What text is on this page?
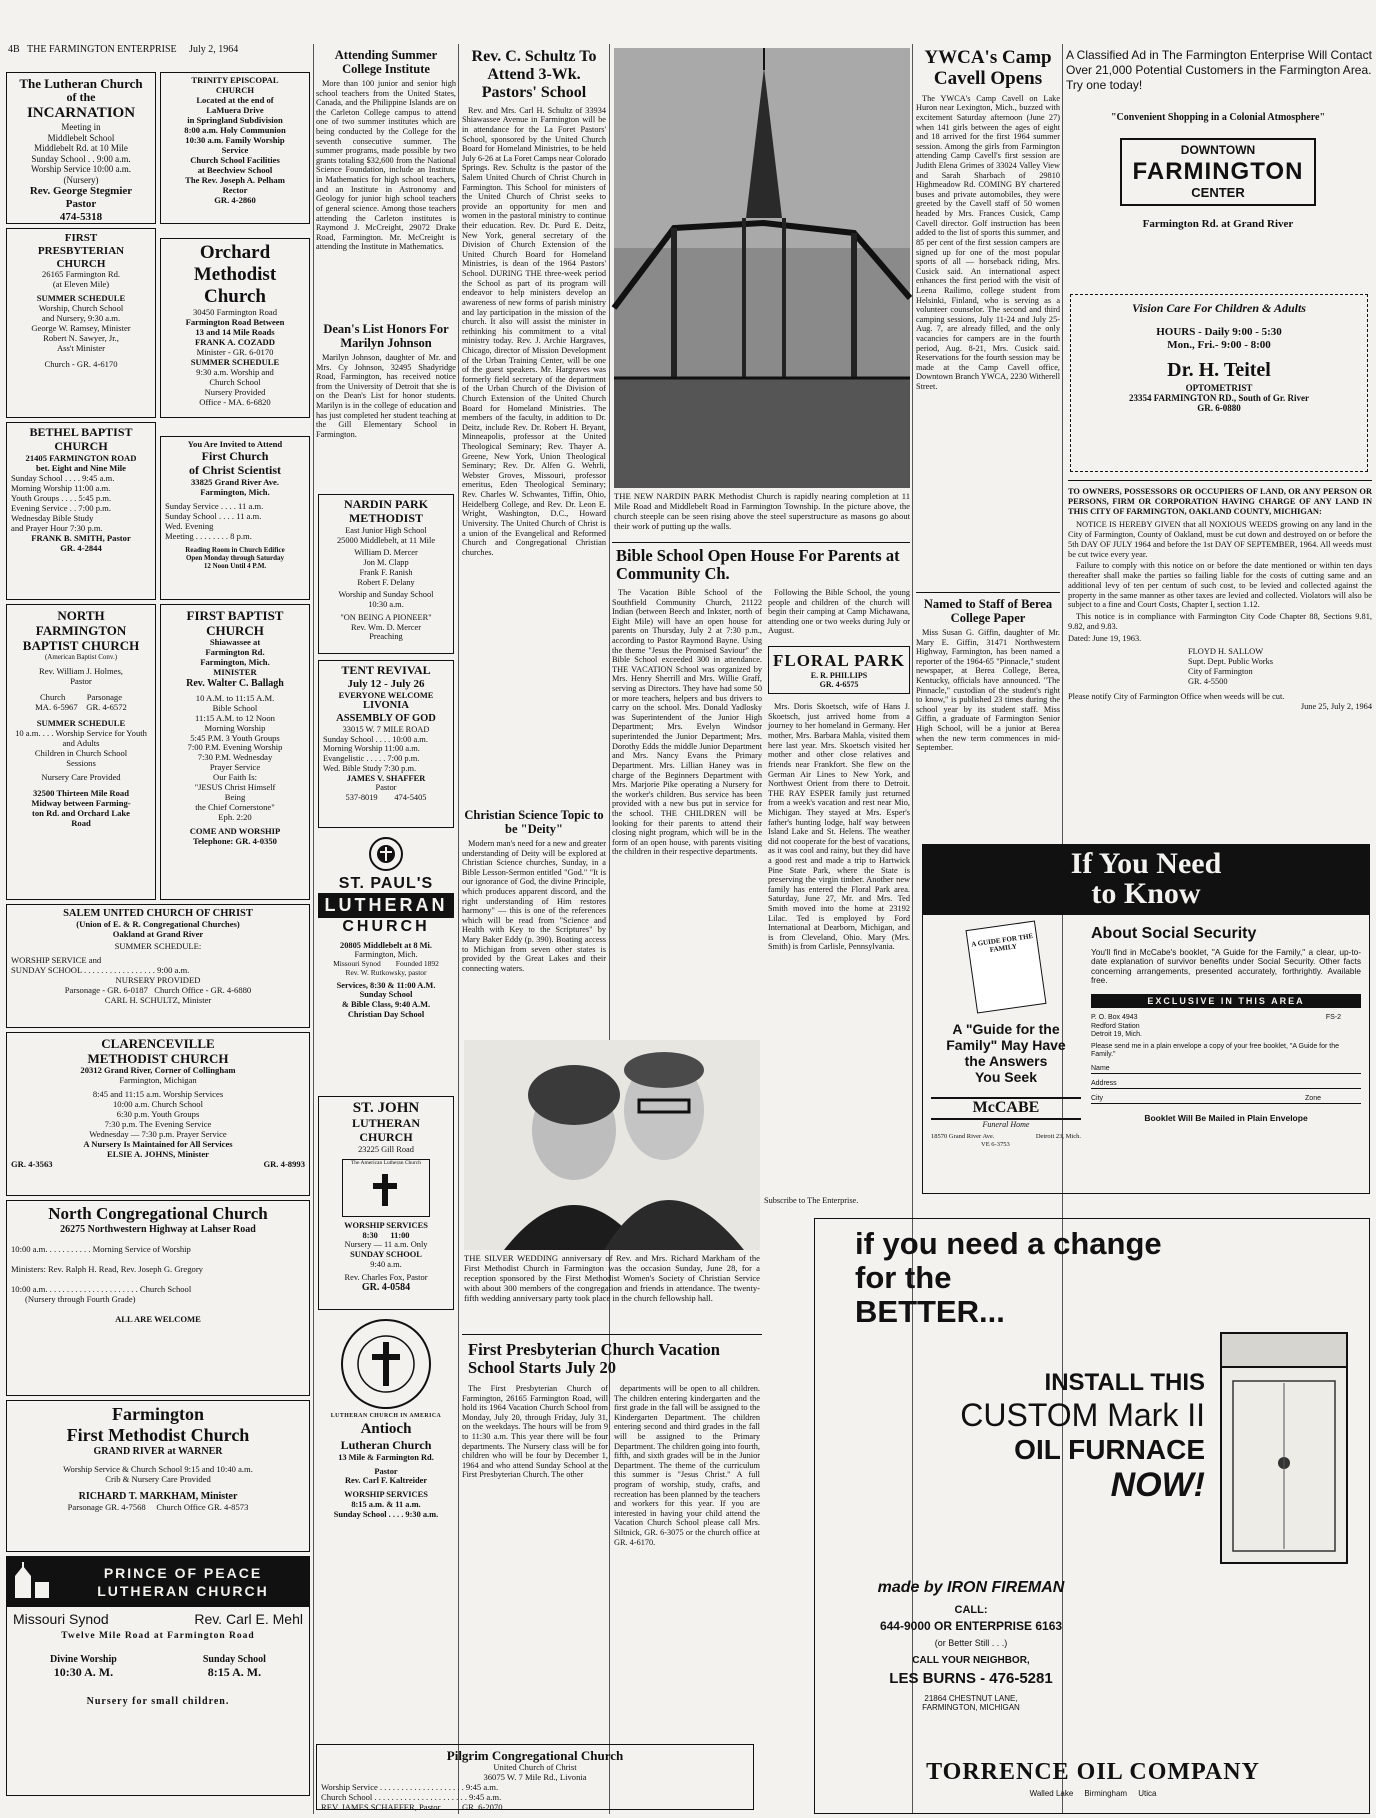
4B THE FARMINGTON ENTERPRISE July 2, 1964
The Lutheran Church
of the
INCARNATION
Meeting in
Middlebelt School
Middlebelt Rd. at 10 Mile
Sunday School . . 9:00 a.m.
Worship Service 10:00 a.m.
(Nursery)
Rev. George Stegmier
Pastor
474-5318
TRINITY EPISCOPAL
CHURCH
Located at the end of
LaMuera Drive
in Springland Subdivision
8:00 a.m. Holy Communion
10:30 a.m. Family Worship
Service
Church School Facilities
at Beechview School
The Rev. Joseph A. Pelham
Rector
GR. 4-2860
FIRST
PRESBYTERIAN
CHURCH
26165 Farmington Rd.
(at Eleven Mile)
SUMMER SCHEDULE
Worship, Church School
and Nursery, 9:30 a.m.
George W. Ramsey, Minister
Robert N. Sawyer, Jr.,
Ass't Minister
Church - GR. 4-6170
Orchard
Methodist
Church
30450 Farmington Road
Farmington Road Between
13 and 14 Mile Roads
FRANK A. COZADD
Minister - GR. 6-0170
SUMMER SCHEDULE
9:30 a.m. Worship and
Church School
Nursery Provided
Office - MA. 6-6820
BETHEL BAPTIST
CHURCH
21405 FARMINGTON ROAD
bet. Eight and Nine Mile
Sunday School . . . . 9:45 a.m.
Morning Worship 11:00 a.m.
Youth Groups . . . . 5:45 p.m.
Evening Service . . 7:00 p.m.
Wednesday Bible Study
and Prayer Hour 7:30 p.m.
FRANK B. SMITH, Pastor
GR. 4-2844
You Are Invited to Attend
First Church
of Christ Scientist
33825 Grand River Ave.
Farmington, Mich.
Sunday Service . . . . 11 a.m.
Sunday School . . . . 11 a.m.
Wed. Evening
Meeting . . . . . . . . 8 p.m.
Reading Room in Church Edifice
Open Monday through Saturday
12 Noon Until 4 P.M.
NORTH
FARMINGTON
BAPTIST CHURCH
(American Baptist Conv.)
Rev. William J. Holmes,
Pastor
Church          Parsonage
MA. 6-5967    GR. 4-6572
SUMMER SCHEDULE
10 a.m. . . . Worship Service for Youth and Adults
Children in Church School
Sessions
Nursery Care Provided
32500 Thirteen Mile Road
Midway between Farming-
ton Rd. and Orchard Lake
Road
FIRST BAPTIST
CHURCH
Shiawassee at
Farmington Rd.
Farmington, Mich.
MINISTER
Rev. Walter C. Ballagh
10 A.M. to 11:15 A.M.
Bible School
11:15 A.M. to 12 Noon
Morning Worship
5:45 P.M. 3 Youth Groups
7:00 P.M. Evening Worship
7:30 P.M. Wednesday
Prayer Service
Our Faith Is:
"JESUS Christ Himself
Being
the Chief Cornerstone"
Eph. 2:20
COME AND WORSHIP
Telephone: GR. 4-0350
SALEM UNITED CHURCH OF CHRIST
(Union of E. & R. Congregational Churches)
Oakland at Grand River
SUMMER SCHEDULE:
WORSHIP SERVICE and
SUNDAY SCHOOL . . . . . . . . . . . . . . . . . 9:00 a.m.
NURSERY PROVIDED
Parsonage - GR. 6-0187   Church Office - GR. 4-6880
CARL H. SCHULTZ, Minister
CLARENCEVILLE
METHODIST CHURCH
20312 Grand River, Corner of Collingham
Farmington, Michigan
8:45 and 11:15 a.m. Worship Services
10:00 a.m. Church School
6:30 p.m. Youth Groups
7:30 p.m. The Evening Service
Wednesday — 7:30 p.m. Prayer Service
A Nursery Is Maintained for All Services
ELSIE A. JOHNS, Minister
GR. 4-3563	GR. 4-8993
North Congregational Church
26275 Northwestern Highway at Lahser Road
10:00 a.m. . . . . . . . . . . Morning Service of Worship
Ministers: Rev. Ralph H. Read, Rev. Joseph G. Gregory
10:00 a.m. . . . . . . . . . . . . . . . . . . . . . Church School
(Nursery through Fourth Grade)
ALL ARE WELCOME
Farmington
First Methodist Church
GRAND RIVER at WARNER
Worship Service & Church School 9:15 and 10:40 a.m.
Crib & Nursery Care Provided
RICHARD T. MARKHAM, Minister
Parsonage GR. 4-7568     Church Office GR. 4-8573
PRINCE OF PEACE
LUTHERAN CHURCH
Missouri Synod	Rev. Carl E. Mehl
Twelve Mile Road at Farmington Road
Divine Worship
10:30 A. M.
Sunday School
8:15 A. M.
Nursery for small children.
Attending Summer College Institute
More than 100 junior and senior high school teachers from the United States, Canada, and the Philippine Islands are on the Carleton College campus to attend one of two summer institutes which are being conducted by the College for the seventh consecutive summer. The summer programs, made possible by two grants totaling $32,600 from the National Science Foundation, include an Institute in Mathematics for high school teachers, and an Institute in Astronomy and Geology for junior high school teachers of general science. Among those teachers attending the Carleton institutes is Raymond J. McCreight, 29072 Drake Road, Farmington. Mr. McCreight is attending the Institute in Mathematics.
Dean's List Honors For Marilyn Johnson
Marilyn Johnson, daughter of Mr. and Mrs. Cy Johnson, 32495 Shadyridge Road, Farmington, has received notice from the University of Detroit that she is on the Dean's List for honor students. Marilyn is in the college of education and has just completed her student teaching at the Gill Elementary School in Farmington.
NARDIN PARK
METHODIST
East Junior High School
25000 Middlebelt, at 11 Mile
William D. Mercer
Jon M. Clapp
Frank F. Ranish
Robert F. Delany
Worship and Sunday School
10:30 a.m.
"ON BEING A PIONEER"
Rev. Wm. D. Mercer
Preaching
TENT REVIVAL
July 12 - July 26
EVERYONE WELCOME
LIVONIA
ASSEMBLY OF GOD
33015 W. 7 MILE ROAD
Sunday School . . . . 10:00 a.m.
Morning Worship 11:00 a.m.
Evangelistic . . . . . 7:00 p.m.
Wed. Bible Study 7:30 p.m.
JAMES V. SHAFFER
Pastor
537-8019        474-5405
ST. PAUL'S
LUTHERAN
CHURCH
20805 Middlebelt at 8 Mi.
Farmington, Mich.
Missouri Synod        Founded 1892
Rev. W. Rutkowsky, pastor
Services, 8:30 & 11:00 A.M.
Sunday School
& Bible Class, 9:40 A.M.
Christian Day School
ST. JOHN
LUTHERAN
CHURCH
23225 Gill Road
The American Lutheran Church
WORSHIP SERVICES
8:30      11:00
Nursery — 11 a.m. Only
SUNDAY SCHOOL
9:40 a.m.
Rev. Charles Fox, Pastor
GR. 4-0584
LUTHERAN CHURCH IN AMERICA
Antioch
Lutheran Church
13 Mile & Farmington Rd.
Pastor
Rev. Carl F. Kaltreider
WORSHIP SERVICES
8:15 a.m. & 11 a.m.
Sunday School . . . . 9:30 a.m.
Rev. C. Schultz To Attend 3-Wk. Pastors' School
Rev. and Mrs. Carl H. Schultz of 33934 Shiawassee Avenue in Farmington will be in attendance for the La Foret Pastors' School, sponsored by the United Church Board for Homeland Ministries, to be held July 6-26 at La Foret Camps near Colorado Springs. Rev. Schultz is the pastor of the Salem United Church of Christ Church in Farmington. This School for ministers of the United Church of Christ seeks to provide an opportunity for men and women in the pastoral ministry to continue their education. Rev. Dr. Purd E. Deitz, New York, general secretary of the Division of Church Extension of the United Church Board for Homeland Ministries, is dean of the 1964 Pastors' School. DURING THE three-week period the School as part of its program will endeavor to help ministers develop an awareness of new forms of parish ministry and lay participation in the mission of the church. It also will assist the minister in rethinking his commitment to a vital ministry today. Rev. J. Archie Hargraves, Chicago, director of Mission Development of the Urban Training Center, will be one of the guest speakers. Mr. Hargraves was formerly field secretary of the department of the Urban Church of the Division of Church Extension of the United Church Board for Homeland Ministries. The members of the faculty, in addition to Dr. Deitz, include Rev. Dr. Robert H. Bryant, Minneapolis, professor at the United Theological Seminary; Rev. Thayer A. Greene, New York, Union Theological Seminary; Rev. Dr. Alfen G. Wehrli, Webster Groves, Missouri, professor emeritus, Eden Theological Seminary; Rev. Charles W. Schwantes, Tiffin, Ohio, Heidelberg College, and Rev. Dr. Leon E. Wright, Washington, D.C., Howard University. The United Church of Christ is a union of the Evangelical and Reformed Church and Congregational Christian churches.
Christian Science Topic to be "Deity"
Modern man's need for a new and greater understanding of Deity will be explored at Christian Science churches, Sunday, in a Bible Lesson-Sermon entitled "God." "It is our ignorance of God, the divine Principle, which produces apparent discord, and the right understanding of Him restores harmony" — this is one of the references which will be read from "Science and Health with Key to the Scriptures" by Mary Baker Eddy (p. 390). Boating access to Michigan from seven other states is provided by the Great Lakes and their connecting waters.
THE NEW NARDIN PARK Methodist Church is rapidly nearing completion at 11 Mile Road and Middlebelt Road in Farmington Township. In the picture above, the church steeple can be seen rising above the steel superstructure as masons go about their work of putting up the walls.
Bible School Open House For Parents at Community Ch.
The Vacation Bible School of the Southfield Community Church, 21122 Indian (between Beech and Inkster, north of Eight Mile) will have an open house for parents on Thursday, July 2 at 7:30 p.m., according to Pastor Raymond Bayne. Using the theme "Jesus the Promised Saviour" the Bible School exceeded 300 in attendance. THE VACATION School was organized by Mrs. Henry Sherrill and Mrs. Willie Graff, serving as Directors. They have had some 50 or more teachers, helpers and bus drivers to carry on the school. Mrs. Donald Yadlosky was Superintendent of the Junior High Department; Mrs. Evelyn Windsor superintended the Junior Department; Mrs. Dorothy Edds the middle Junior Department and Mrs. Nancy Evans the Primary Department. Mrs. Lillian Haney was in charge of the Beginners Department with Mrs. Marjorie Pike operating a Nursery for the worker's children. Bus service has been provided with a new bus put in service for the school. THE CHILDREN will be looking for their parents to attend their closing night program, which will be in the form of an open house, with parents visiting the children in their respective departments.
Following the Bible School, the young people and children of the church will begin their camping at Camp Michawana, attending one or two weeks during July or August.
FLORAL PARK
E. R. PHILLIPS
GR. 4-6575
Mrs. Doris Skoetsch, wife of Hans J. Skoetsch, just arrived home from a journey to her homeland in Germany. Her mother, Mrs. Barbara Mahla, visited them here last year. Mrs. Skoetsch visited her mother and other close relatives and friends near Frankfort. She flew on the German Air Lines to New York, and Northwest Orient from there to Detroit. THE RAY ESPER family just returned from a week's vacation and rest near Mio, Michigan. They stayed at Mrs. Esper's father's hunting lodge, half way between Island Lake and St. Helens. The weather did not cooperate for the best of vacations, as it was cool and rainy, but they did have a good rest and made a trip to Hartwick Pine State Park, where the State is preserving the virgin timber. Another new family has entered the Floral Park area. Saturday, June 27, Mr. and Mrs. Ted Smith moved into the home at 23192 Lilac. Ted is employed by Ford International at Dearborn, Michigan, and is from Cleveland, Ohio. Mary (Mrs. Smith) is from Carlisle, Pennsylvania.
Subscribe to The Enterprise.
THE SILVER WEDDING anniversary of Rev. and Mrs. Richard Markham of the First Methodist Church in Farmington was the occasion Sunday, June 28, for a reception sponsored by the First Methodist Women's Society of Christian Service with about 300 members of the congregation and friends in attendance. The twenty-fifth wedding anniversary party took place in the church fellowship hall.
First Presbyterian Church Vacation School Starts July 20
The First Presbyterian Church of Farmington, 26165 Farmington Road, will hold its 1964 Vacation Church School from Monday, July 20, through Friday, July 31, on the weekdays. The hours will be from 9 to 11:30 a.m. This year there will be four departments. The Nursery class will be for children who will be four by December 1, 1964 and who attend Sunday School at the First Presbyterian Church. The other
departments will be open to all children. The children entering kindergarten and the first grade in the fall will be assigned to the Kindergarten Department. The children entering second and third grades in the fall will be assigned to the Primary Department. The children going into fourth, fifth, and sixth grades will be in the Junior Department. The theme of the curriculum this summer is "Jesus Christ." A full program of worship, study, crafts, and recreation has been planned by the teachers and workers for this year. If you are interested in having your child attend the Vacation Church School please call Mrs. Siltnick, GR. 6-3075 or the church office at GR. 4-6170.
Pilgrim Congregational Church
United Church of Christ
36075 W. 7 Mile Rd., Livonia
Worship Service . . . . . . . . . . . . . . . . . . . . 9:45 a.m.
Church School . . . . . . . . . . . . . . . . . . . . . . 9:45 a.m.
REV. JAMES SCHAEFER, Pastor          GR. 6-2070
YWCA's Camp Cavell Opens
The YWCA's Camp Cavell on Lake Huron near Lexington, Mich., buzzed with excitement Saturday afternoon (June 27) when 141 girls between the ages of eight and 18 arrived for the first 1964 summer session. Among the girls from Farmington attending Camp Cavell's first session are Judith Elena Grimes of 33024 Valley View and Sarah Sharbach of 29810 Highmeadow Rd. COMING BY chartered buses and private automobiles, they were greeted by the Cavell staff of 50 women headed by Mrs. Frances Cusick, Camp Cavell director. Golf instruction has been added to the list of sports this summer, and 85 per cent of the first session campers are signed up for one of the most popular sports of all — horseback riding, Mrs. Cusick said. An international aspect enhances the first period with the visit of Leena Railimo, college student from Helsinki, Finland, who is serving as a volunteer counselor. The second and third camping sessions, July 11-24 and July 25-Aug. 7, are already filled, and the only vacancies for campers are in the fourth period, Aug. 8-21, Mrs. Cusick said. Reservations for the fourth session may be made at the Camp Cavell office, Downtown Branch YWCA, 2230 Witherell Street.
Named to Staff of Berea College Paper
Miss Susan G. Giffin, daughter of Mr. Mary E. Giffin, 31471 Northwestern Highway, Farmington, has been named a reporter of the 1964-65 "Pinnacle," student newspaper, at Berea College, Berea, Kentucky, officials have announced. "The Pinnacle," custodian of the student's right to know," is published 23 times during the school year by its student staff. Miss Giffin, a graduate of Farmington Senior High School, will be a junior at Berea when the new term commences in mid-September.
A Classified Ad in The Farmington Enterprise Will Contact Over 21,000 Potential Customers in the Farmington Area. Try one today!
"Convenient Shopping in a Colonial Atmosphere"
DOWNTOWN
FARMINGTON
CENTER
Farmington Rd. at Grand River
Vision Care For Children & Adults
HOURS - Daily 9:00 - 5:30
Mon., Fri.- 9:00 - 8:00
Dr. H. Teitel
OPTOMETRIST
23354 FARMINGTON RD., South of Gr. River
GR. 6-0880
TO OWNERS, POSSESSORS OR OCCUPIERS OF LAND, OR ANY PERSON OR PERSONS, FIRM OR CORPORATION HAVING CHARGE OF ANY LAND IN THIS CITY OF FARMINGTON, OAKLAND COUNTY, MICHIGAN:

NOTICE IS HEREBY GIVEN that all NOXIOUS WEEDS growing on any land in the City of Farmington, County of Oakland, must be cut down and destroyed on or before the 5th DAY OF JULY 1964 and before the 1st DAY OF SEPTEMBER, 1964. All weeds must be cut twice every year.

Failure to comply with this notice on or before the date mentioned or within ten days thereafter shall make the parties so failing liable for the costs of cutting same and an additional levy of ten per centum of such cost, to be levied and collected against the property in the same manner as other taxes are levied and collected. Violators will also be subject to a fine and Court Costs, Chapter I, section 1.12.

This notice is in compliance with Farmington City Code Chapter 88, Sections 9.81, 9.82, and 9.83.

Dated: June 19, 1963.
FLOYD H. SALLOW
Supt. Dept. Public Works
City of Farmington
GR. 4-5500
Please notify City of Farmington Office when weeds will be cut.
June 25, July 2, 1964
If You Need
to Know
A GUIDE FOR THE FAMILY
A "Guide for the
Family" May Have
the Answers
You Seek
McCABE
Funeral Home
18570 Grand River Ave.	Detroit 23, Mich.
VE 6-3753
About Social Security
You'll find in McCabe's booklet, "A Guide for the Family," a clear, up-to-date explanation of survivor benefits under Social Security. Other facts concerning arrangements, presented accurately, forthrightly. Available free.
EXCLUSIVE IN THIS AREA
P. O. Box 4943
Redford Station
Detroit 19, Mich.
FS-2
Please send me in a plain envelope a copy of your free booklet, "A Guide for the Family."
Name
Address
City	Zone
Booklet Will Be Mailed in Plain Envelope
if you need a change
for the
BETTER...
INSTALL THIS
CUSTOM Mark II
OIL FURNACE
NOW!
made by IRON FIREMAN
CALL:
644-9000 OR ENTERPRISE 6163
(or Better Still . . .)
CALL YOUR NEIGHBOR,
LES BURNS - 476-5281
21864 CHESTNUT LANE,
FARMINGTON, MICHIGAN
TORRENCE OIL COMPANY
Walled Lake     Birmingham     Utica
